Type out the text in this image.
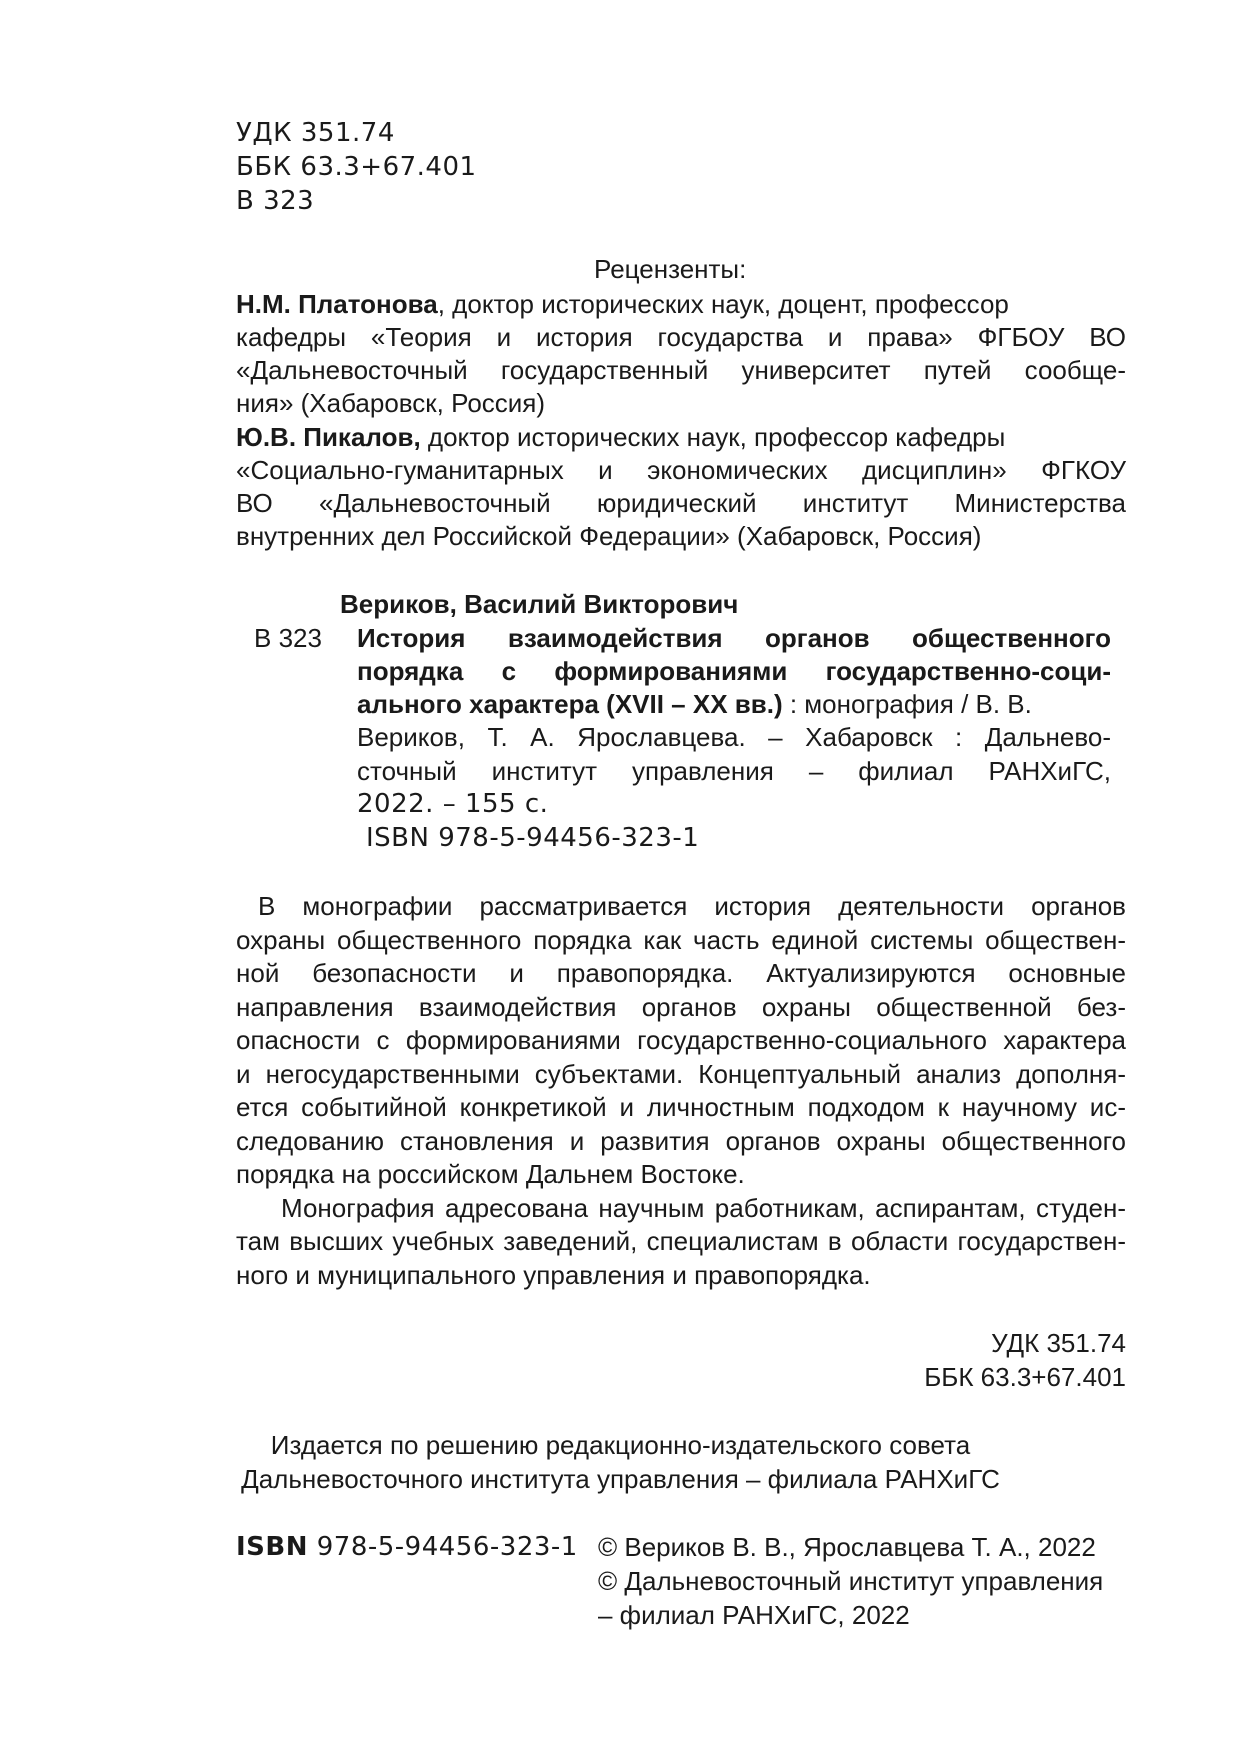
УДК 351.74
ББК 63.3+67.401
В 323
Рецензенты:
Н.М. Платонова, доктор исторических наук, доцент, профессор
кафедры «Теория и история государства и права» ФГБОУ ВО
«Дальневосточный государственный университет путей сообще-
ния» (Хабаровск, Россия)
Ю.В. Пикалов, доктор исторических наук, профессор кафедры
«Социально-гуманитарных и экономических дисциплин» ФГКОУ
ВО «Дальневосточный юридический институт Министерства
внутренних дел Российской Федерации» (Хабаровск, Россия)
Вериков, Василий Викторович
В 323 История взаимодействия органов общественного
порядка с формированиями государственно-соци-
ального характера (XVII – XX вв.) : монография / В. В.
Вериков, Т. А. Ярославцева. – Хабаровск : Дальнево-
сточный институт управления – филиал РАНХиГС,
2022. – 155 с.
ISBN 978-5-94456-323-1
В монографии рассматривается история деятельности органов
охраны общественного порядка как часть единой системы обществен-
ной безопасности и правопорядка. Актуализируются основные
направления взаимодействия органов охраны общественной без-
опасности с формированиями государственно-социального характера
и негосударственными субъектами. Концептуальный анализ дополня-
ется событийной конкретикой и личностным подходом к научному ис-
следованию становления и развития органов охраны общественного
порядка на российском Дальнем Востоке.
Монография адресована научным работникам, аспирантам, студен-
там высших учебных заведений, специалистам в области государствен-
ного и муниципального управления и правопорядка.
УДК 351.74
ББК 63.3+67.401
Издается по решению редакционно-издательского совета
Дальневосточного института управления – филиала РАНХиГС
ISBN 978-5-94456-323-1 © Вериков В. В., Ярославцева Т. А., 2022
© Дальневосточный институт управления
– филиал РАНХиГС, 2022
